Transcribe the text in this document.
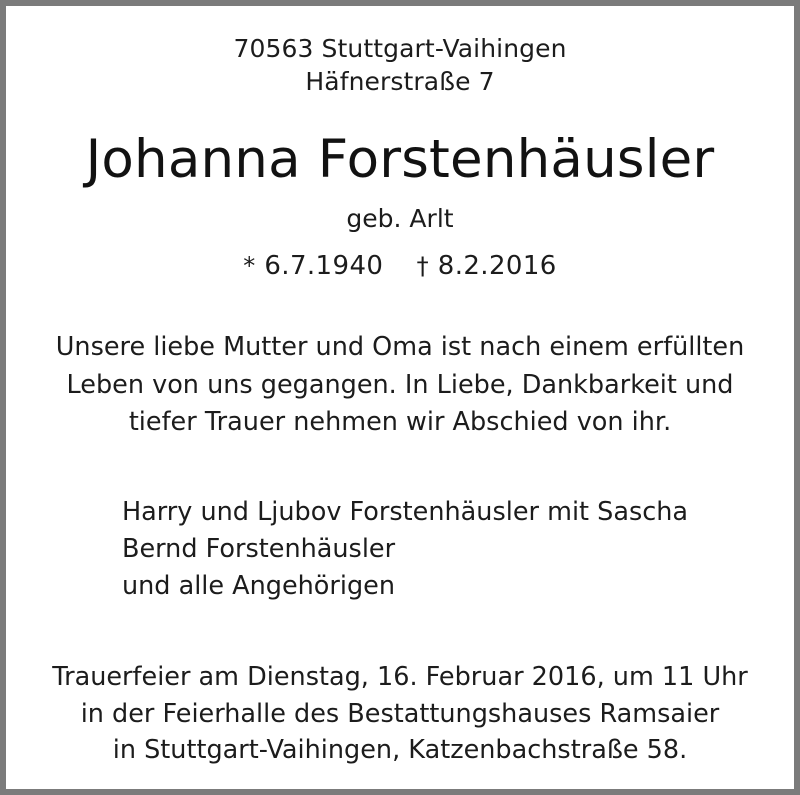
70563 Stuttgart-Vaihingen
Häfnerstraße 7
Johanna Forstenhäusler
geb. Arlt
* 6.7.1940 † 8.2.2016
Unsere liebe Mutter und Oma ist nach einem erfüllten
Leben von uns gegangen. In Liebe, Dankbarkeit und
tiefer Trauer nehmen wir Abschied von ihr.
Harry und Ljubov Forstenhäusler mit Sascha
Bernd Forstenhäusler
und alle Angehörigen
Trauerfeier am Dienstag, 16. Februar 2016, um 11 Uhr
in der Feierhalle des Bestattungshauses Ramsaier
in Stuttgart-Vaihingen, Katzenbachstraße 58.
